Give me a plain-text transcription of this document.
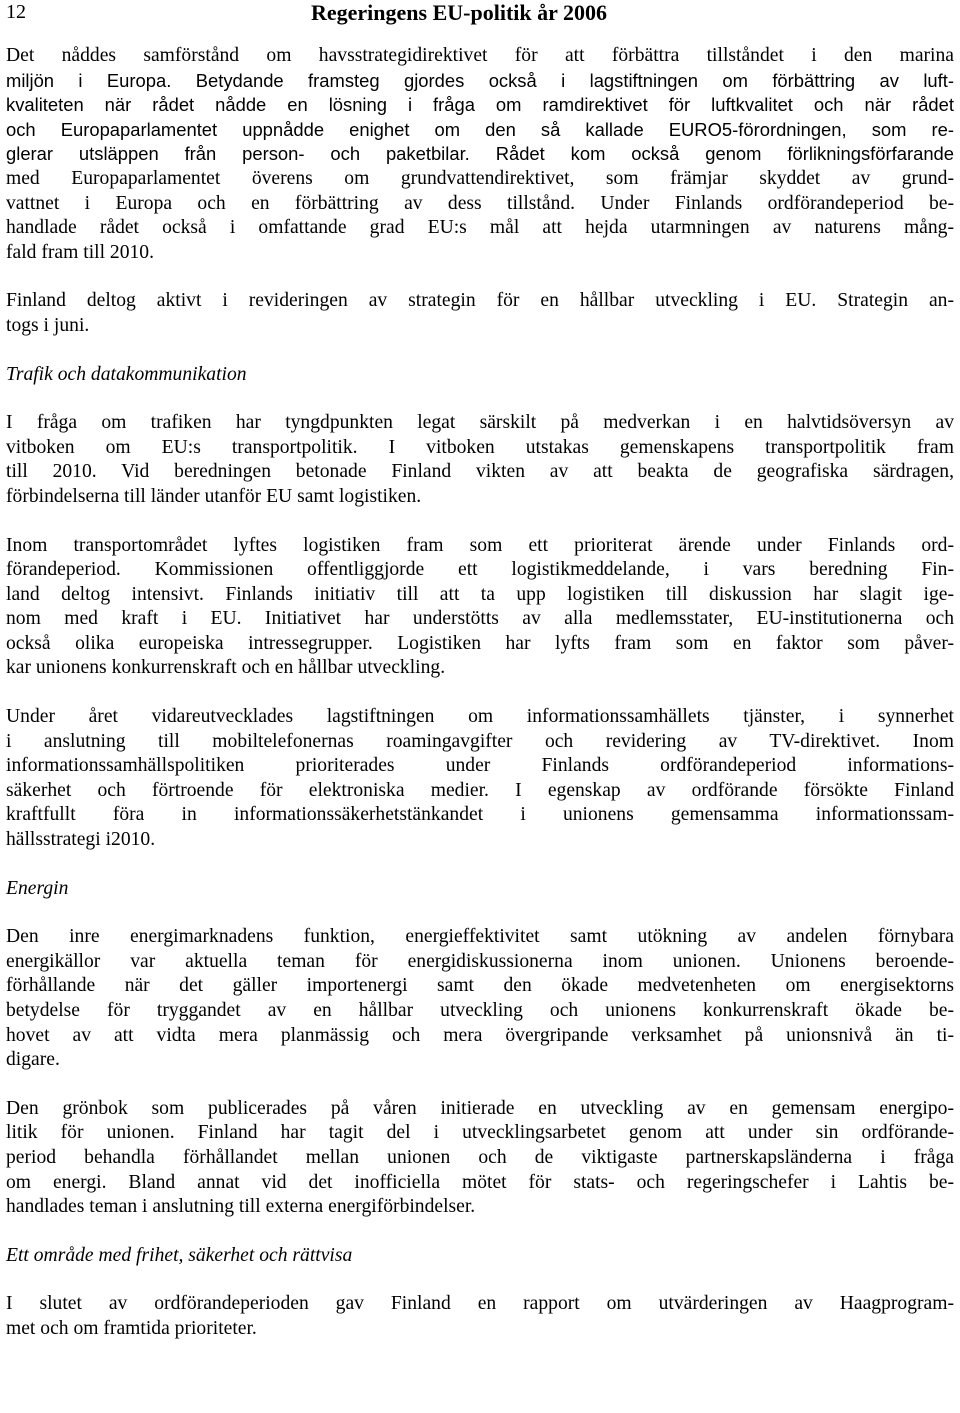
12	Regeringens EU-politik år 2006
Det nåddes samförstånd om havsstrategidirektivet för att förbättra tillståndet i den marina
miljön i Europa. Betydande framsteg gjordes också i lagstiftningen om förbättring av luft-
kvaliteten när rådet nådde en lösning i fråga om ramdirektivet för luftkvalitet och när rådet
och Europaparlamentet uppnådde enighet om den så kallade EURO5-förordningen, som re-
glerar utsläppen från person- och paketbilar. Rådet kom också genom förlikningsförfarande
med Europaparlamentet överens om grundvattendirektivet, som främjar skyddet av grund-
vattnet i Europa och en förbättring av dess tillstånd. Under Finlands ordförandeperiod be-
handlade rådet också i omfattande grad EU:s mål att hejda utarmningen av naturens mång-
fald fram till 2010.
Finland deltog aktivt i revideringen av strategin för en hållbar utveckling i EU. Strategin an-
togs i juni.

Trafik och datakommunikation

I fråga om trafiken har tyngdpunkten legat särskilt på medverkan i en halvtidsöversyn av
vitboken om EU:s transportpolitik. I vitboken utstakas gemenskapens transportpolitik fram
till 2010. Vid beredningen betonade Finland vikten av att beakta de geografiska särdragen,
förbindelserna till länder utanför EU samt logistiken.
Inom transportområdet lyftes logistiken fram som ett prioriterat ärende under Finlands ord-
förandeperiod. Kommissionen offentliggjorde ett logistikmeddelande, i vars beredning Fin-
land deltog intensivt. Finlands initiativ till att ta upp logistiken till diskussion har slagit ige-
nom med kraft i EU. Initiativet har understötts av alla medlemsstater, EU-institutionerna och
också olika europeiska intressegrupper. Logistiken har lyfts fram som en faktor som påver-
kar unionens konkurrenskraft och en hållbar utveckling.
Under året vidareutvecklades lagstiftningen om informationssamhällets tjänster, i synnerhet
i anslutning till mobiltelefonernas roamingavgifter och revidering av TV-direktivet. Inom
informationssamhällspolitiken prioriterades under Finlands ordförandeperiod informations-
säkerhet och förtroende för elektroniska medier. I egenskap av ordförande försökte Finland
kraftfullt föra in informationssäkerhetstänkandet i unionens gemensamma informationssam-
hällsstrategi i2010.

Energin

Den inre energimarknadens funktion, energieffektivitet samt utökning av andelen förnybara
energikällor var aktuella teman för energidiskussionerna inom unionen. Unionens beroende-
förhållande när det gäller importenergi samt den ökade medvetenheten om energisektorns
betydelse för tryggandet av en hållbar utveckling och unionens konkurrenskraft ökade be-
hovet av att vidta mera planmässig och mera övergripande verksamhet på unionsnivå än ti-
digare.
Den grönbok som publicerades på våren initierade en utveckling av en gemensam energipo-
litik för unionen. Finland har tagit del i utvecklingsarbetet genom att under sin ordförande-
period behandla förhållandet mellan unionen och de viktigaste partnerskapsländerna i fråga
om energi. Bland annat vid det inofficiella mötet för stats- och regeringschefer i Lahtis be-
handlades teman i anslutning till externa energiförbindelser.

Ett område med frihet, säkerhet och rättvisa

I slutet av ordförandeperioden gav Finland en rapport om utvärderingen av Haagprogram-
met och om framtida prioriteter.
